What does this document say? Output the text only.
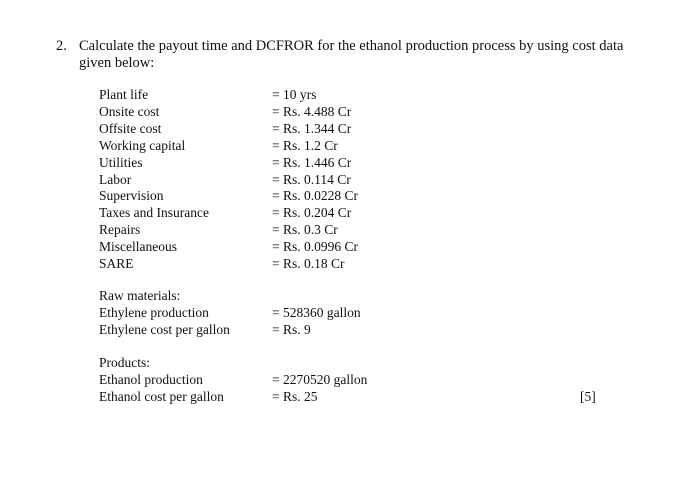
2. Calculate the payout time and DCFROR for the ethanol production process by using cost data
given below:
Plant life	= 10 yrs
Onsite cost	= Rs. 4.488 Cr
Offsite cost	= Rs. 1.344 Cr
Working capital	= Rs. 1.2 Cr
Utilities	= Rs. 1.446 Cr
Labor	= Rs. 0.114 Cr
Supervision	= Rs. 0.0228 Cr
Taxes and Insurance	= Rs. 0.204 Cr
Repairs	= Rs. 0.3 Cr
Miscellaneous	= Rs. 0.0996 Cr
SARE	= Rs. 0.18 Cr
Raw materials:
Ethylene production	= 528360 gallon
Ethylene cost per gallon	= Rs. 9
Products:
Ethanol production	= 2270520 gallon
Ethanol cost per gallon	= Rs. 25	[5]
